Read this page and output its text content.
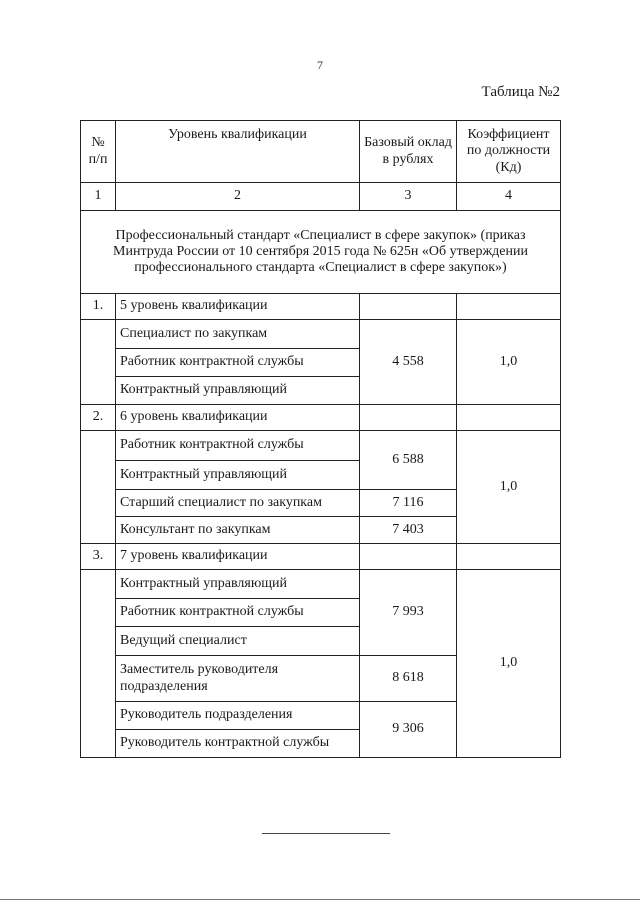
7
Таблица №2
№ п/п	Уровень квалификации	Базовый оклад в рублях	Коэффициент по должности (Кд)
1	2	3	4
Профессиональный стандарт «Специалист в сфере закупок» (приказ Минтруда России от 10 сентября 2015 года № 625н «Об утверждении профессионального стандарта «Специалист в сфере закупок»)			
1.	5 уровень квалификации		
	Специалист по закупкам	4 558	1,0
	Работник контрактной службы		
	Контрактный управляющий		
2.	6 уровень квалификации		
	Работник контрактной службы	6 588	1,0
	Контрактный управляющий		
	Старший специалист по закупкам	7 116	
	Консультант по закупкам	7 403	
3.	7 уровень квалификации		
	Контрактный управляющий	7 993	1,0
	Работник контрактной службы		
	Ведущий специалист		
	Заместитель руководителя подразделения	8 618	
	Руководитель подразделения	9 306	
	Руководитель контрактной службы		
